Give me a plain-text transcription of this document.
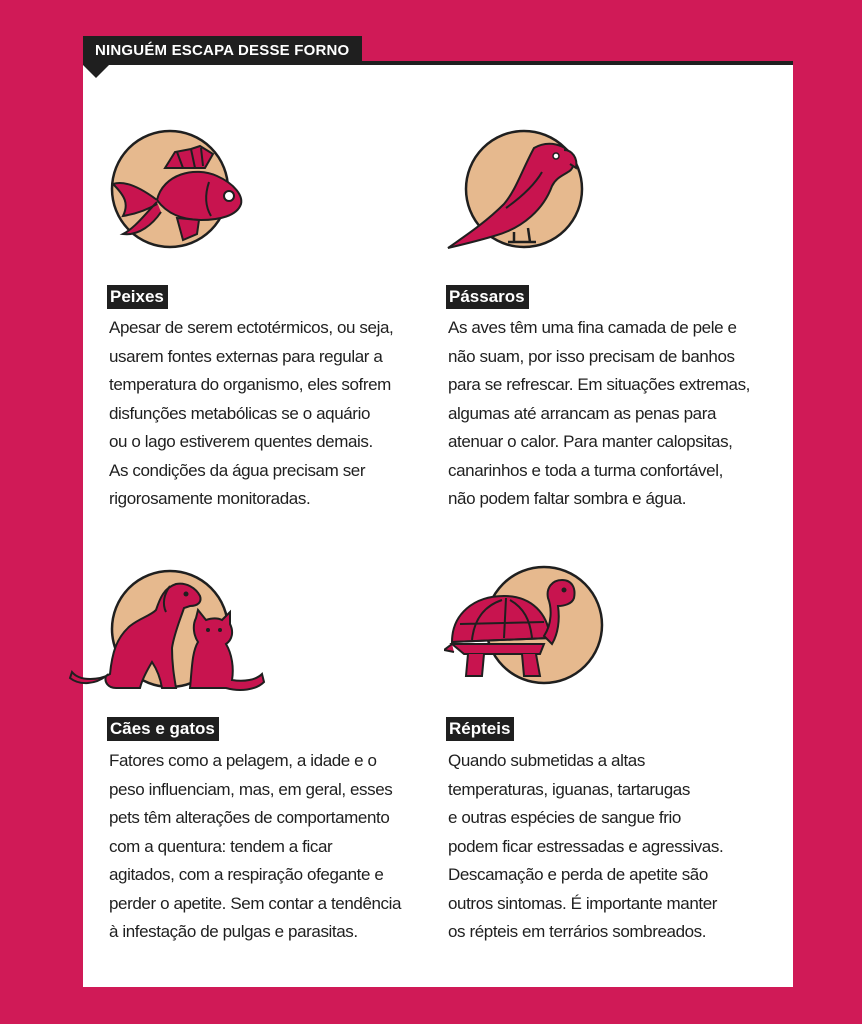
NINGUÉM ESCAPA DESSE FORNO
Peixes
Apesar de serem ectotérmicos, ou seja,
usarem fontes externas para regular a
temperatura do organismo, eles sofrem
disfunções metabólicas se o aquário
ou o lago estiverem quentes demais.
As condições da água precisam ser
rigorosamente monitoradas.
Pássaros
As aves têm uma fina camada de pele e
não suam, por isso precisam de banhos
para se refrescar. Em situações extremas,
algumas até arrancam as penas para
atenuar o calor. Para manter calopsitas,
canarinhos e toda a turma confortável,
não podem faltar sombra e água.
Cães e gatos
Fatores como a pelagem, a idade e o
peso influenciam, mas, em geral, esses
pets têm alterações de comportamento
com a quentura: tendem a ficar
agitados, com a respiração ofegante e
perder o apetite. Sem contar a tendência
à infestação de pulgas e parasitas.
Répteis
Quando submetidas a altas
temperaturas, iguanas, tartarugas
e outras espécies de sangue frio
podem ficar estressadas e agressivas.
Descamação e perda de apetite são
outros sintomas. É importante manter
os répteis em terrários sombreados.
